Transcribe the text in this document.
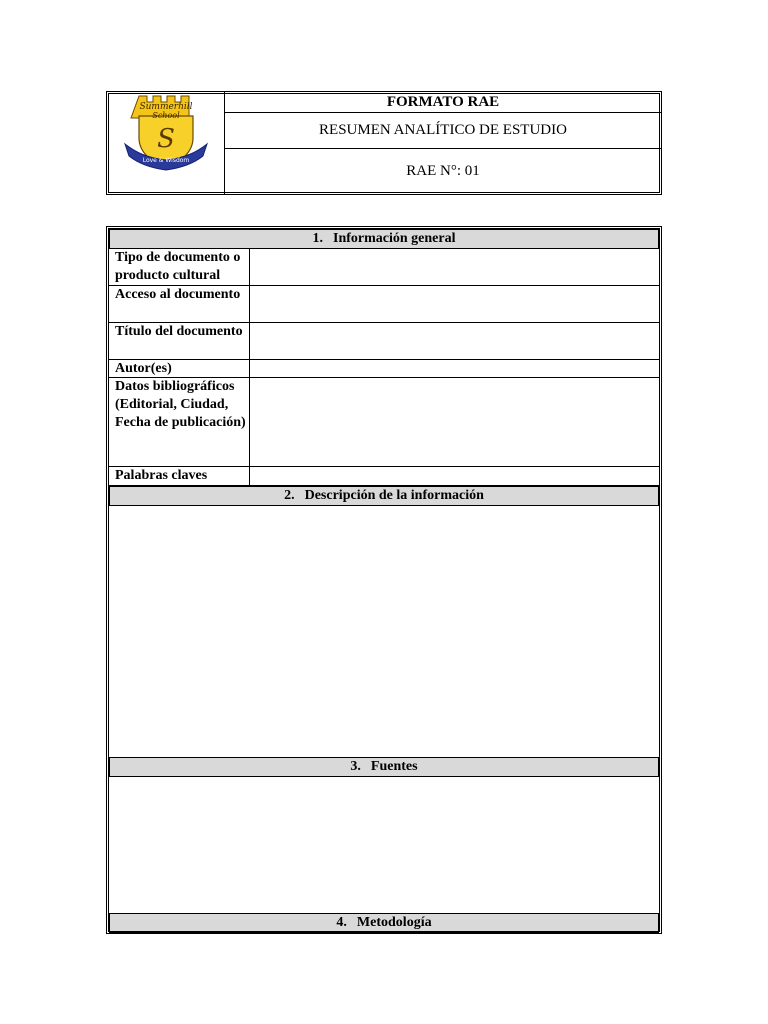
Summerhill
School
S
Love & Wisdom
FORMATO RAE
RESUMEN ANALÍTICO DE ESTUDIO
RAE N°: 01
1. Información general
Tipo de documento o producto cultural
Acceso al documento
Título del documento
Autor(es)
Datos bibliográficos (Editorial, Ciudad, Fecha de publicación)
Palabras claves
2. Descripción de la información
3. Fuentes
4. Metodología
